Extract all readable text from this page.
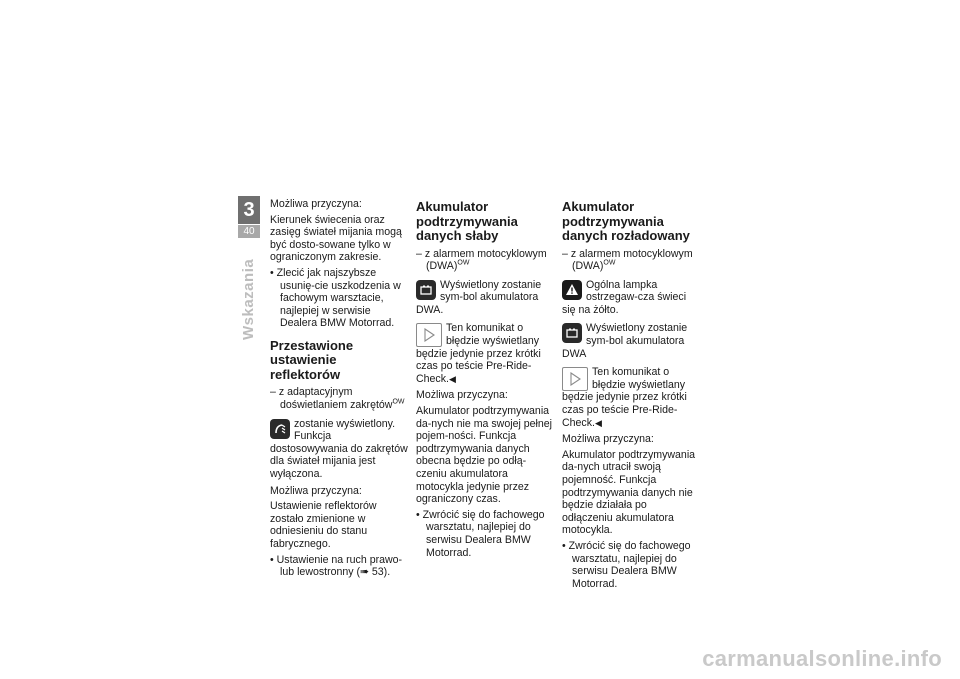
3
40
Wskazania

Możliwa przyczyna:

Kierunek świecenia oraz zasięg świateł mijania mogą być dosto-sowane tylko w ograniczonym zakresie.

• Zlecić jak najszybsze usunię-cie uszkodzenia w fachowym warsztacie, najlepiej w serwisie Dealera BMW Motorrad.

Przestawione ustawienie reflektorów

– z adaptacyjnym doświetlaniem zakrętów$^{OW}$

zostanie wyświetlony. Funkcja dostosowywania do zakrętów dla świateł mijania jest wyłączona.

Możliwa przyczyna:

Ustawienie reflektorów zostało zmienione w odniesieniu do stanu fabrycznego.

• Ustawienie na ruch prawo- lub lewostronny (➠ 53).

Akumulator podtrzymywania danych słaby

– z alarmem motocyklowym (DWA)$^{OW}$

Wyświetlony zostanie sym-bol akumulatora DWA.
Ten komunikat o błędzie wyświetlany będzie jedynie przez krótki czas po teście Pre-Ride-Check.◀

Możliwa przyczyna:

Akumulator podtrzymywania da-nych nie ma swojej pełnej pojem-ności. Funkcja podtrzymywania danych obecna będzie po odłą-czeniu akumulatora motocykla jedynie przez ograniczony czas.

• Zwrócić się do fachowego warsztatu, najlepiej do serwisu Dealera BMW Motorrad.

Akumulator podtrzymywania danych rozładowany

– z alarmem motocyklowym (DWA)$^{OW}$

Ogólna lampka ostrzegaw-cza świeci się na żółto.
Wyświetlony zostanie sym-bol akumulatora DWA
Ten komunikat o błędzie wyświetlany będzie jedynie przez krótki czas po teście Pre-Ride-Check.◀

Możliwa przyczyna:

Akumulator podtrzymywania da-nych utracił swoją pojemność. Funkcja podtrzymywania danych nie będzie działała po odłączeniu akumulatora motocykla.

• Zwrócić się do fachowego warsztatu, najlepiej do serwisu Dealera BMW Motorrad.

carmanualsonline.info
